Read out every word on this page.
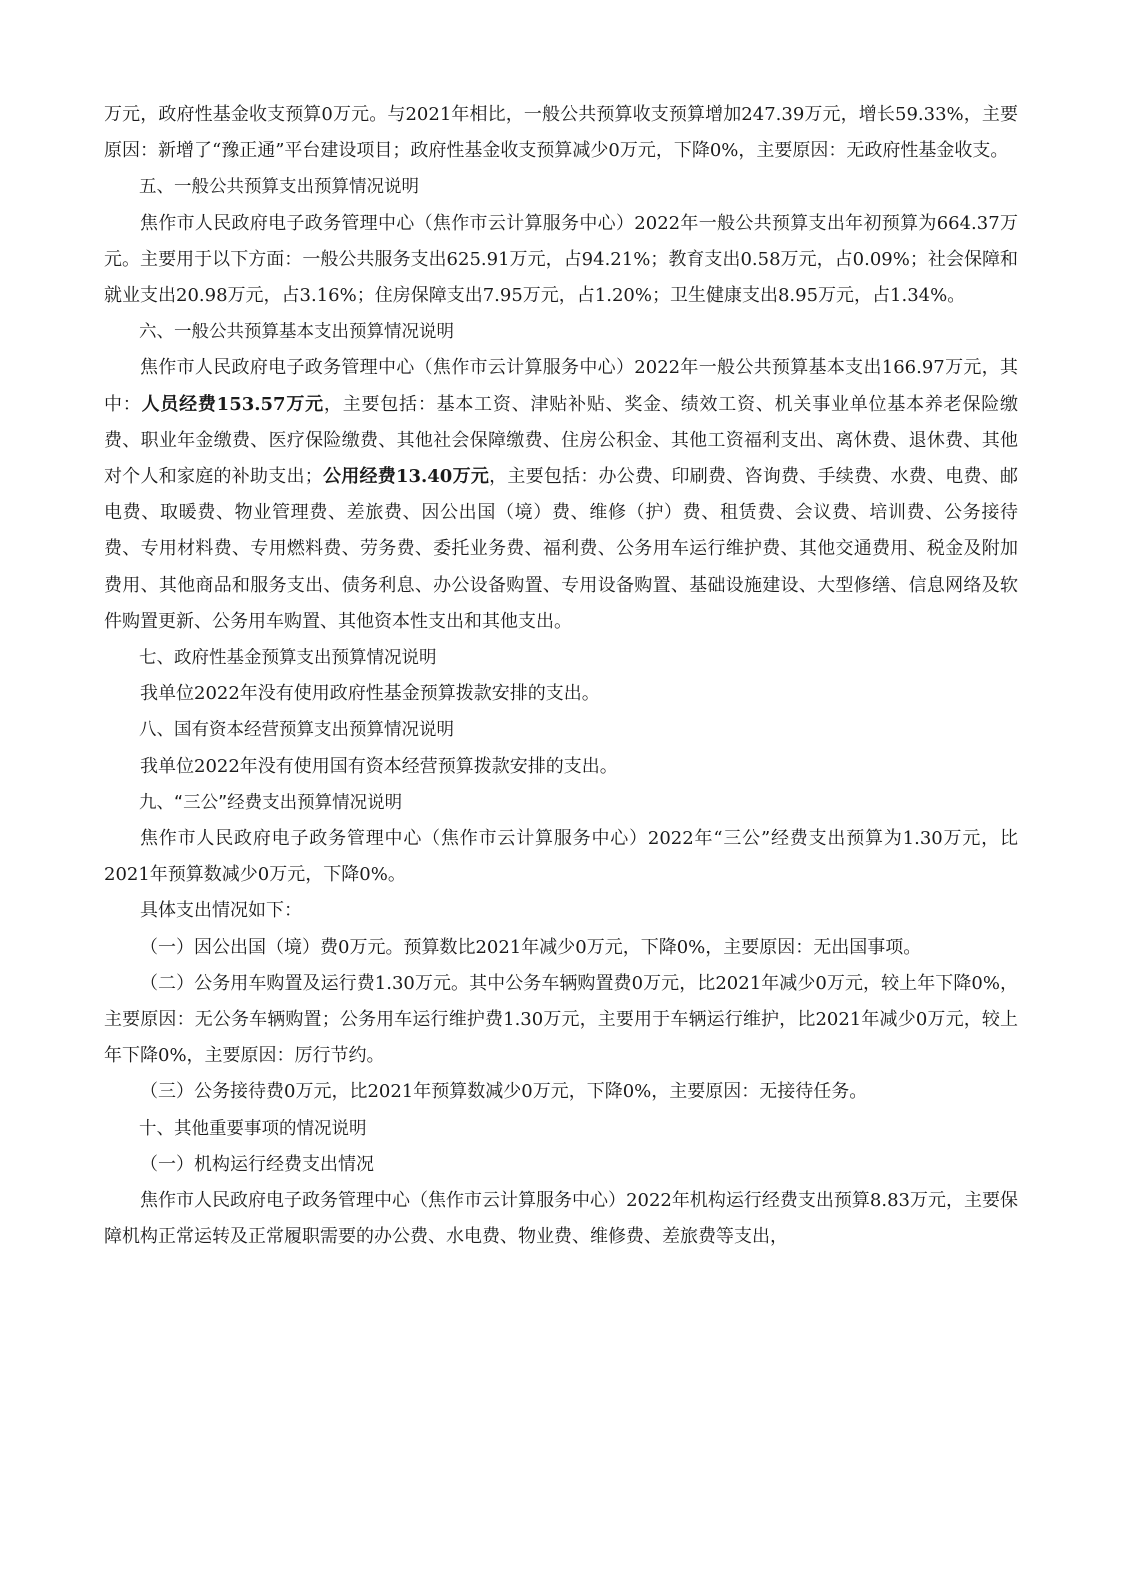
万元，政府性基金收支预算0万元。与2021年相比，一般公共预算收支预算增加247.39万元，增长59.33%，主要原因：新增了“豫正通”平台建设项目；政府性基金收支预算减少0万元，下降0%，主要原因：无政府性基金收支。

五、一般公共预算支出预算情况说明

焦作市人民政府电子政务管理中心（焦作市云计算服务中心）2022年一般公共预算支出年初预算为664.37万元。主要用于以下方面：一般公共服务支出625.91万元，占94.21%；教育支出0.58万元，占0.09%；社会保障和就业支出20.98万元，占3.16%；住房保障支出7.95万元，占1.20%；卫生健康支出8.95万元，占1.34%。

六、一般公共预算基本支出预算情况说明

焦作市人民政府电子政务管理中心（焦作市云计算服务中心）2022年一般公共预算基本支出166.97万元，其中：人员经费153.57万元，主要包括：基本工资、津贴补贴、奖金、绩效工资、机关事业单位基本养老保险缴费、职业年金缴费、医疗保险缴费、其他社会保障缴费、住房公积金、其他工资福利支出、离休费、退休费、其他对个人和家庭的补助支出；公用经费13.40万元，主要包括：办公费、印刷费、咨询费、手续费、水费、电费、邮电费、取暖费、物业管理费、差旅费、因公出国（境）费、维修（护）费、租赁费、会议费、培训费、公务接待费、专用材料费、专用燃料费、劳务费、委托业务费、福利费、公务用车运行维护费、其他交通费用、税金及附加费用、其他商品和服务支出、债务利息、办公设备购置、专用设备购置、基础设施建设、大型修缮、信息网络及软件购置更新、公务用车购置、其他资本性支出和其他支出。

七、政府性基金预算支出预算情况说明

我单位2022年没有使用政府性基金预算拨款安排的支出。

八、国有资本经营预算支出预算情况说明

我单位2022年没有使用国有资本经营预算拨款安排的支出。

九、“三公”经费支出预算情况说明

焦作市人民政府电子政务管理中心（焦作市云计算服务中心）2022年“三公”经费支出预算为1.30万元，比2021年预算数减少0万元，下降0%。

具体支出情况如下：

（一）因公出国（境）费0万元。预算数比2021年减少0万元，下降0%，主要原因：无出国事项。

（二）公务用车购置及运行费1.30万元。其中公务车辆购置费0万元，比2021年减少0万元，较上年下降0%，主要原因：无公务车辆购置；公务用车运行维护费1.30万元，主要用于车辆运行维护，比2021年减少0万元，较上年下降0%，主要原因：厉行节约。

（三）公务接待费0万元，比2021年预算数减少0万元，下降0%，主要原因：无接待任务。

十、其他重要事项的情况说明

（一）机构运行经费支出情况

焦作市人民政府电子政务管理中心（焦作市云计算服务中心）2022年机构运行经费支出预算8.83万元，主要保障机构正常运转及正常履职需要的办公费、水电费、物业费、维修费、差旅费等支出，
